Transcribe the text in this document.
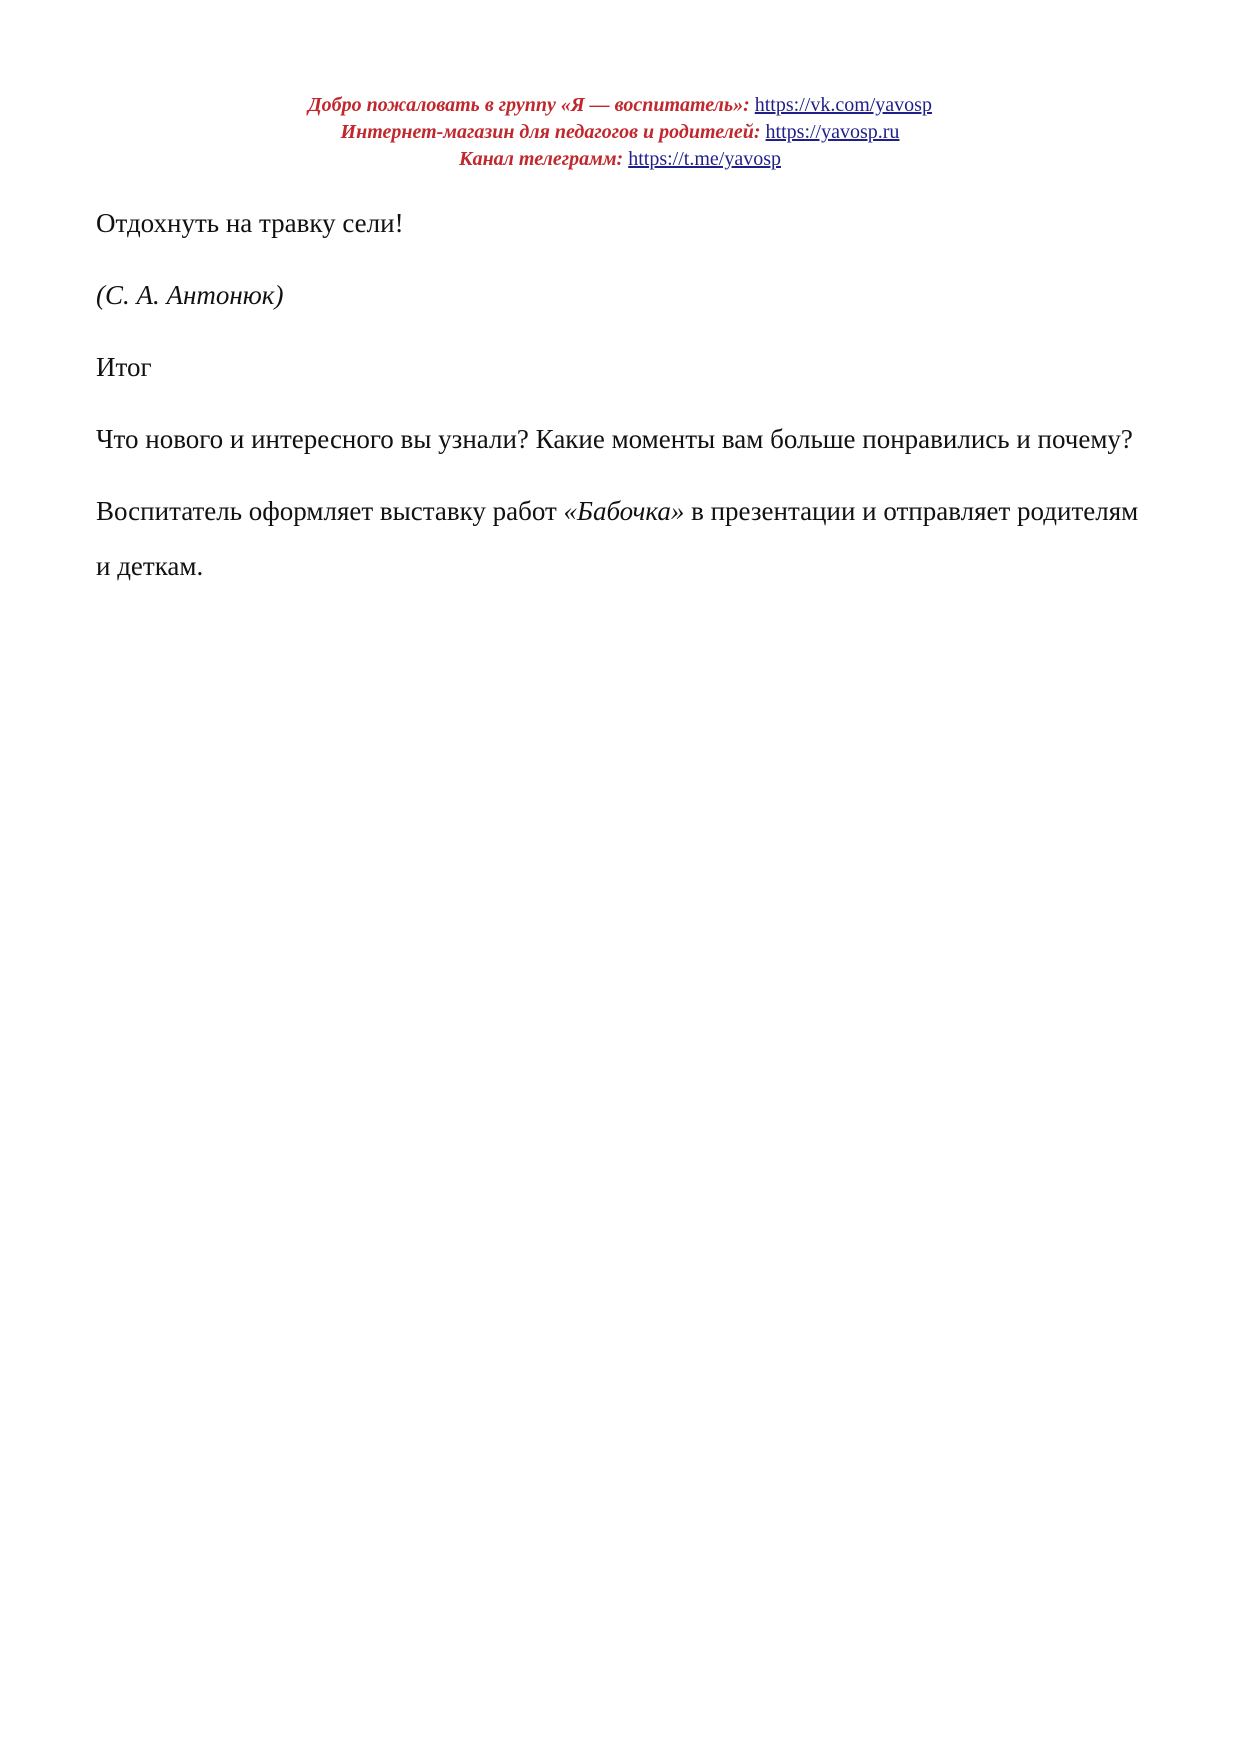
Добро пожаловать в группу «Я — воспитатель»: https://vk.com/yavosp
Интернет-магазин для педагогов и родителей: https://yavosp.ru
Канал телеграмм: https://t.me/yavosp

Отдохнуть на травку сели!

(С. А. Антонюк)

Итог

Что нового и интересного вы узнали? Какие моменты вам больше понравились и почему?

Воспитатель оформляет выставку работ «Бабочка» в презентации и отправляет родителям и деткам.
